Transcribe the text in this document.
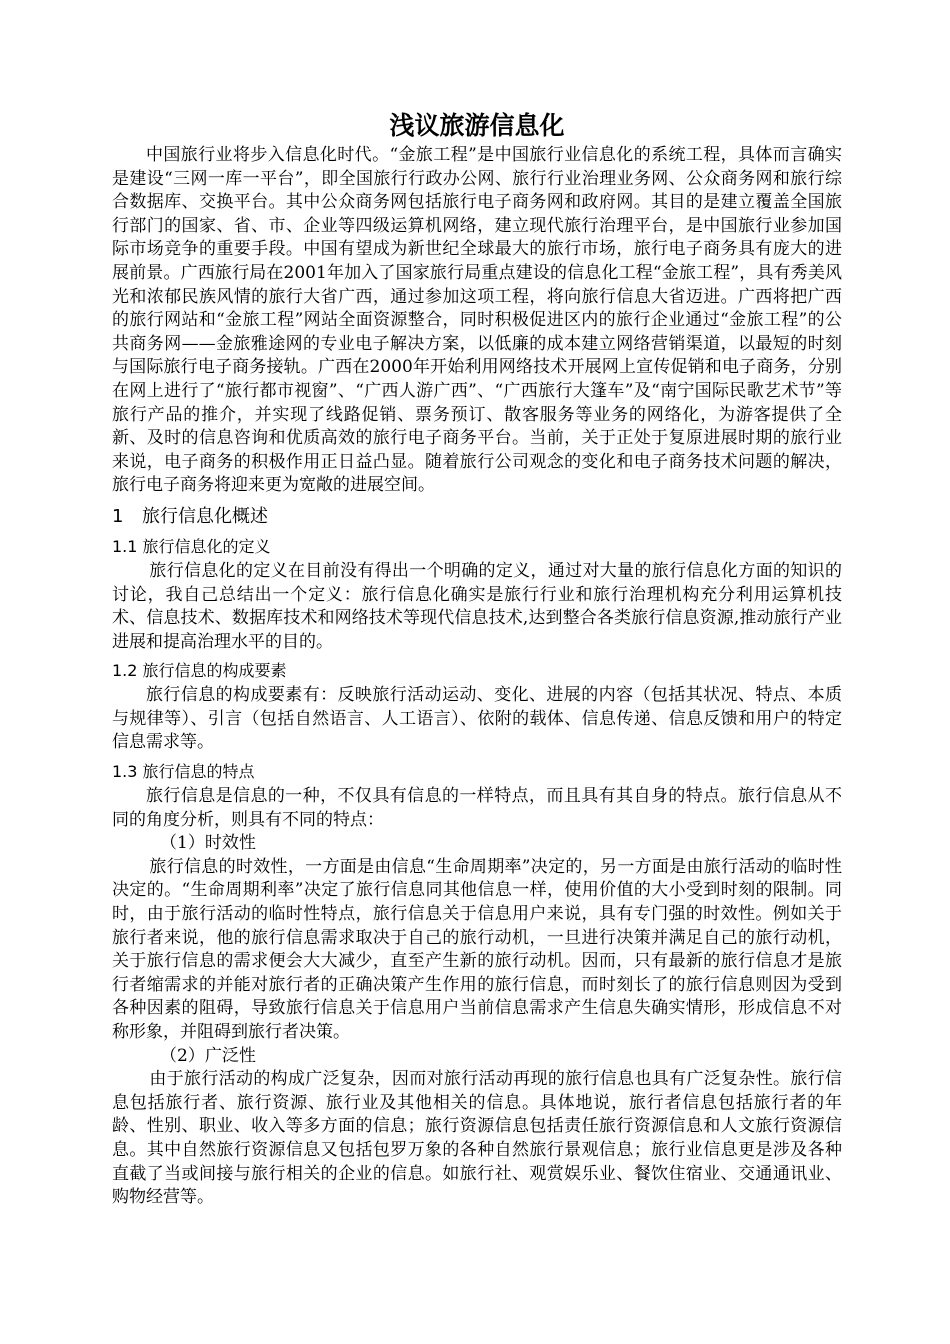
浅议旅游信息化

中国旅行业将步入信息化时代。“金旅工程”是中国旅行业信息化的系统工程，具体而言确实是建设“三网一库一平台”，即全国旅行行政办公网、旅行行业治理业务网、公众商务网和旅行综合数据库、交换平台。其中公众商务网包括旅行电子商务网和政府网。其目的是建立覆盖全国旅行部门的国家、省、市、企业等四级运算机网络，建立现代旅行治理平台，是中国旅行业参加国际市场竞争的重要手段。中国有望成为新世纪全球最大的旅行市场，旅行电子商务具有庞大的进展前景。广西旅行局在2001年加入了国家旅行局重点建设的信息化工程“金旅工程”，具有秀美风光和浓郁民族风情的旅行大省广西，通过参加这项工程，将向旅行信息大省迈进。广西将把广西的旅行网站和“金旅工程”网站全面资源整合，同时积极促进区内的旅行企业通过“金旅工程”的公共商务网——金旅雅途网的专业电子解决方案，以低廉的成本建立网络营销渠道，以最短的时刻与国际旅行电子商务接轨。广西在2000年开始利用网络技术开展网上宣传促销和电子商务，分别在网上进行了“旅行都市视窗”、“广西人游广西”、“广西旅行大篷车”及“南宁国际民歌艺术节”等旅行产品的推介，并实现了线路促销、票务预订、散客服务等业务的网络化，为游客提供了全新、及时的信息咨询和优质高效的旅行电子商务平台。当前，关于正处于复原进展时期的旅行业来说，电子商务的积极作用正日益凸显。随着旅行公司观念的变化和电子商务技术问题的解决，旅行电子商务将迎来更为宽敞的进展空间。

1 旅行信息化概述
1.1 旅行信息化的定义

旅行信息化的定义在目前没有得出一个明确的定义，通过对大量的旅行信息化方面的知识的讨论，我自己总结出一个定义：旅行信息化确实是旅行行业和旅行治理机构充分利用运算机技术、信息技术、数据库技术和网络技术等现代信息技术,达到整合各类旅行信息资源,推动旅行产业进展和提高治理水平的目的。

1.2 旅行信息的构成要素

旅行信息的构成要素有：反映旅行活动运动、变化、进展的内容（包括其状况、特点、本质与规律等）、引言（包括自然语言、人工语言）、依附的载体、信息传递、信息反馈和用户的特定信息需求等。

1.3 旅行信息的特点

旅行信息是信息的一种，不仅具有信息的一样特点，而且具有其自身的特点。旅行信息从不同的角度分析，则具有不同的特点：

（1）时效性

旅行信息的时效性，一方面是由信息“生命周期率”决定的，另一方面是由旅行活动的临时性决定的。“生命周期利率”决定了旅行信息同其他信息一样，使用价值的大小受到时刻的限制。同时，由于旅行活动的临时性特点，旅行信息关于信息用户来说，具有专门强的时效性。例如关于旅行者来说，他的旅行信息需求取决于自己的旅行动机，一旦进行决策并满足自己的旅行动机，关于旅行信息的需求便会大大减少，直至产生新的旅行动机。因而，只有最新的旅行信息才是旅行者缩需求的并能对旅行者的正确决策产生作用的旅行信息，而时刻长了的旅行信息则因为受到各种因素的阻碍，导致旅行信息关于信息用户当前信息需求产生信息失确实情形，形成信息不对称形象，并阻碍到旅行者决策。

（2）广泛性

由于旅行活动的构成广泛复杂，因而对旅行活动再现的旅行信息也具有广泛复杂性。旅行信息包括旅行者、旅行资源、旅行业及其他相关的信息。具体地说，旅行者信息包括旅行者的年龄、性别、职业、收入等多方面的信息；旅行资源信息包括责任旅行资源信息和人文旅行资源信息。其中自然旅行资源信息又包括包罗万象的各种自然旅行景观信息；旅行业信息更是涉及各种直截了当或间接与旅行相关的企业的信息。如旅行社、观赏娱乐业、餐饮住宿业、交通通讯业、购物经营等。
